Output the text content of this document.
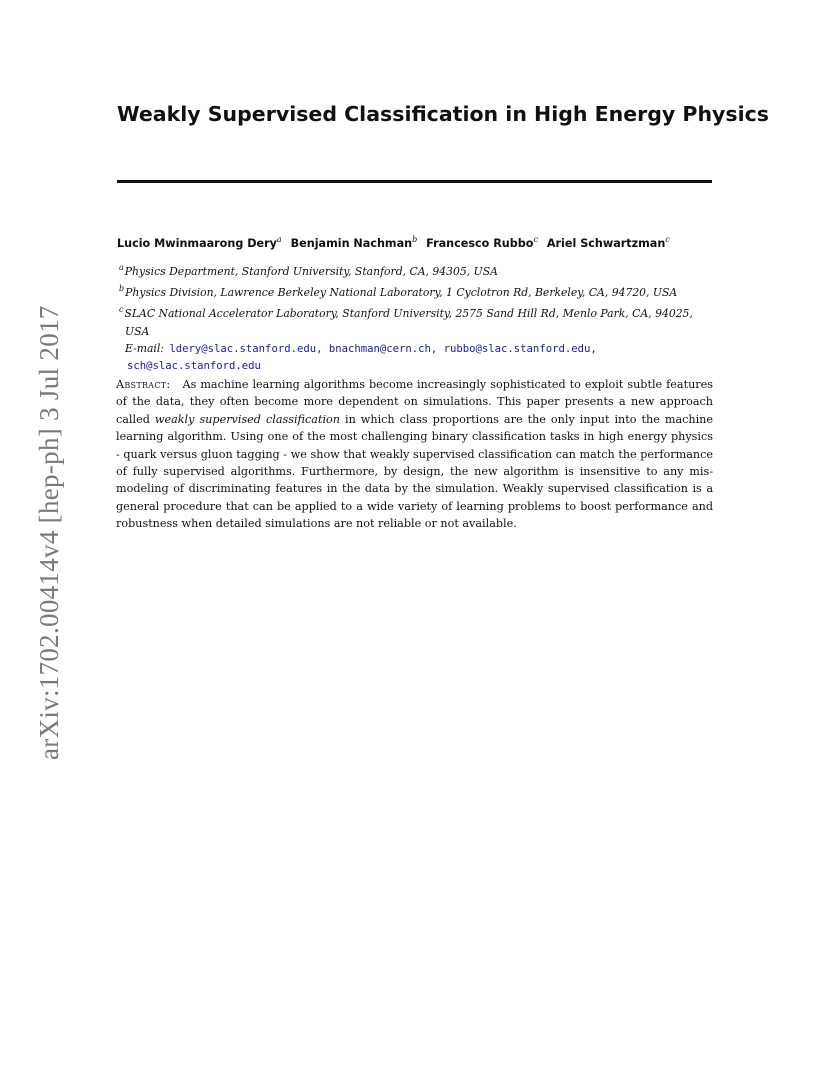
arXiv:1702.00414v4 [hep-ph] 3 Jul 2017
Weakly Supervised Classification in High Energy Physics
Lucio Mwinmaarong Dery$^a$ Benjamin Nachman$^b$ Francesco Rubbo$^c$ Ariel Schwartzman$^c$

$^a$Physics Department, Stanford University, Stanford, CA, 94305, USA

$^b$Physics Division, Lawrence Berkeley National Laboratory, 1 Cyclotron Rd, Berkeley, CA, 94720, USA

$^c$SLAC National Accelerator Laboratory, Stanford University, 2575 Sand Hill Rd, Menlo Park, CA, 94025,
USA

E-mail: ldery@slac.stanford.edu, bnachman@cern.ch, rubbo@slac.stanford.edu,
sch@slac.stanford.edu

Abstract: As machine learning algorithms become increasingly sophisticated to exploit subtle features of the data, they often become more dependent on simulations. This paper presents a new approach called weakly supervised classification in which class proportions are the only input into the machine learning algorithm. Using one of the most challenging binary classification tasks in high energy physics - quark versus gluon tagging - we show that weakly supervised classification can match the performance of fully supervised algorithms. Furthermore, by design, the new algorithm is insensitive to any mis-modeling of discriminating features in the data by the simulation. Weakly supervised classification is a general procedure that can be applied to a wide variety of learning problems to boost performance and robustness when detailed simulations are not reliable or not available.
